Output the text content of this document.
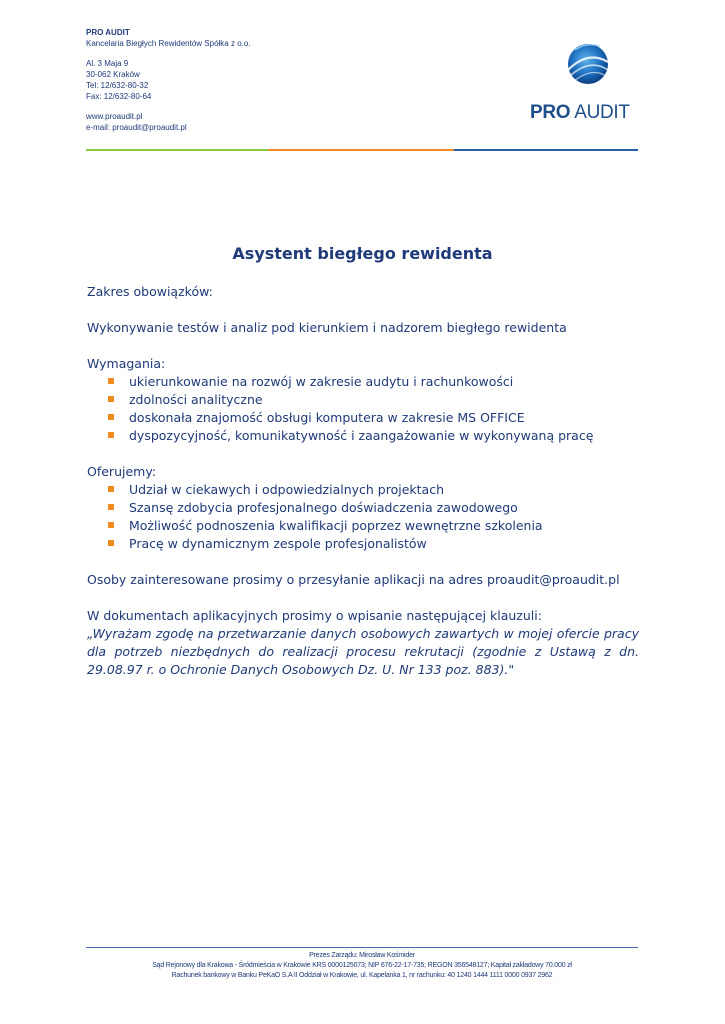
PRO AUDIT
Kancelaria Biegłych Rewidentów Spółka z o.o.
Al. 3 Maja 9
30-062 Kraków
Tel: 12/632-80-32
Fax: 12/632-80-64
www.proaudit.pl
e-mail: proaudit@proaudit.pl
PRO AUDIT
Asystent biegłego rewidenta

Zakres obowiązków:

Wykonywanie testów i analiz pod kierunkiem i nadzorem biegłego rewidenta

Wymagania:

ukierunkowanie na rozwój w zakresie audytu i rachunkowości
zdolności analityczne
doskonała znajomość obsługi komputera w zakresie MS OFFICE
dyspozycyjność, komunikatywność i zaangażowanie w wykonywaną pracę

Oferujemy:

Udział w ciekawych i odpowiedzialnych projektach
Szansę zdobycia profesjonalnego doświadczenia zawodowego
Możliwość podnoszenia kwalifikacji poprzez wewnętrzne szkolenia
Pracę w dynamicznym zespole profesjonalistów

Osoby zainteresowane prosimy o przesyłanie aplikacji na adres proaudit@proaudit.pl

W dokumentach aplikacyjnych prosimy o wpisanie następującej klauzuli:

„Wyrażam zgodę na przetwarzanie danych osobowych zawartych w mojej ofercie pracy dla potrzeb niezbędnych do realizacji procesu rekrutacji (zgodnie z Ustawą z dn. 29.08.97 r. o Ochronie Danych Osobowych Dz. U. Nr 133 poz. 883)."

Prezes Zarządu: Mirosław Kośmider
Sąd Rejonowy dla Krakowa - Śródmieścia w Krakowie KRS 0000125073; NIP 676-22-17-735; REGON 356548127; Kapitał zakładowy 70.000 zł
Rachunek bankowy w Banku PeKaO S.A II Oddział w Krakowie, ul. Kapelanka 1, nr rachunku: 40 1240 1444 1111 0000 0937 2962
